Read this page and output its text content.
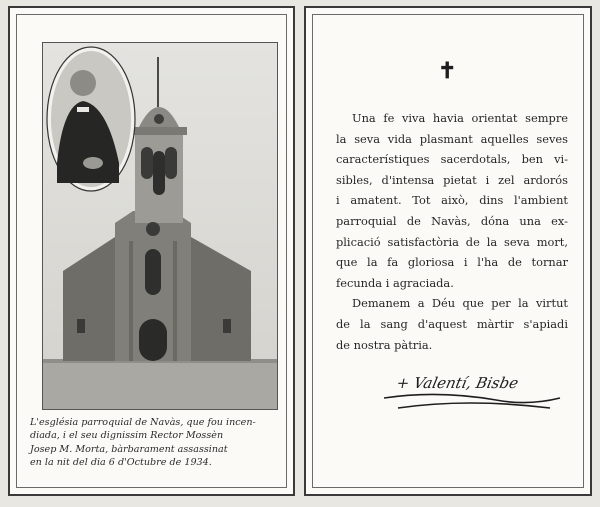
L'església parroquial de Navàs, que fou incen-
diada, i el seu dignissim Rector Mossèn
Josep M. Morta, bàrbarament assassinat
en la nit del dia 6 d'Octubre de 1934.
✝
Una fe viva havia orientat sempre
la seva vida plasmant aquelles seves
característiques sacerdotals, ben vi-
sibles, d'intensa pietat i zel ardorós
i amatent. Tot això, dins l'ambient
parroquial de Navàs, dóna una ex-
plicació satisfactòria de la seva mort,
que la fa gloriosa i l'ha de tornar
fecunda i agraciada.
Demanem a Déu que per la virtut
de la sang d'aquest màrtir s'apiadi
de nostra pàtria.
+ Valentí, Bisbe
